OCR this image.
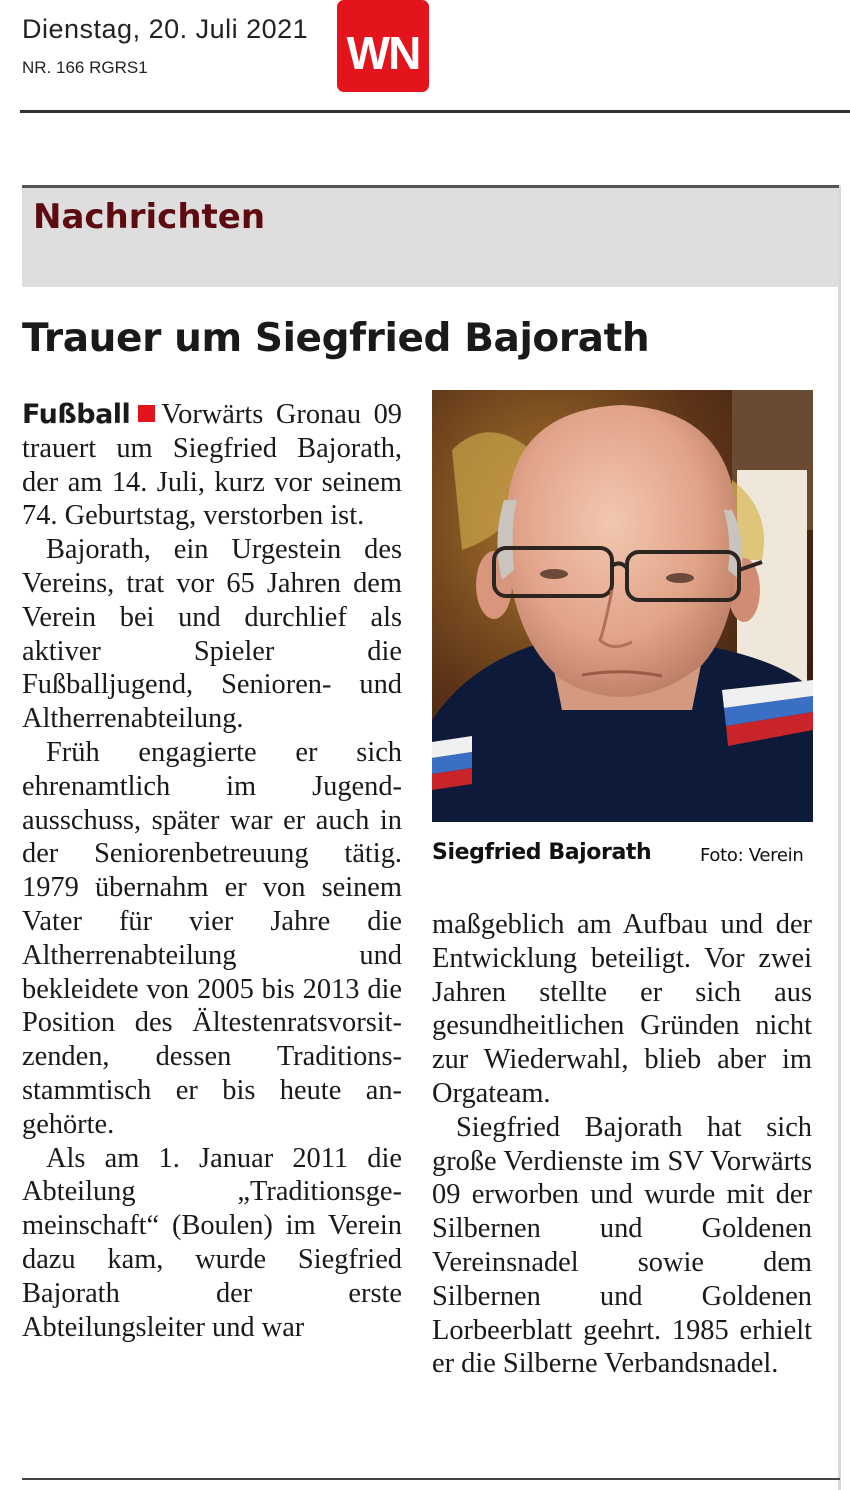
Dienstag, 20. Juli 2021
NR. 166 RGRS1	WN
Nachrichten
Trauer um Siegfried Bajorath

Fußball Vorwärts Gronau 09 trauert um Siegfried Bajorath, der am 14. Juli, kurz vor seinem 74. Geburtstag, verstorben ist.

Bajorath, ein Urgestein des Vereins, trat vor 65 Jahren dem Verein bei und durchlief als aktiver Spieler die Fußballjugend, Senioren- und Altherrenabteilung.

Früh engagierte er sich ehrenamtlich im Jugendausschuss, später war er auch in der Seniorenbetreuung tätig. 1979 übernahm er von seinem Vater für vier Jahre die Altherrenabteilung und bekleidete von 2005 bis 2013 die Position des Ältestenratsvorsitzenden, dessen Traditionsstammtisch er bis heute angehörte.

Als am 1. Januar 2011 die Abteilung „Traditionsgemeinschaft“ (Boulen) im Verein dazu kam, wurde Siegfried Bajorath der erste Abteilungsleiter und war

Siegfried Bajorath	Foto: Verein

maßgeblich am Aufbau und der Entwicklung beteiligt. Vor zwei Jahren stellte er sich aus gesundheitlichen Gründen nicht zur Wiederwahl, blieb aber im Orgateam.

Siegfried Bajorath hat sich große Verdienste im SV Vorwärts 09 erworben und wurde mit der Silbernen und Goldenen Vereinsnadel sowie dem Silbernen und Goldenen Lorbeerblatt geehrt. 1985 erhielt er die Silberne Verbandsnadel.
